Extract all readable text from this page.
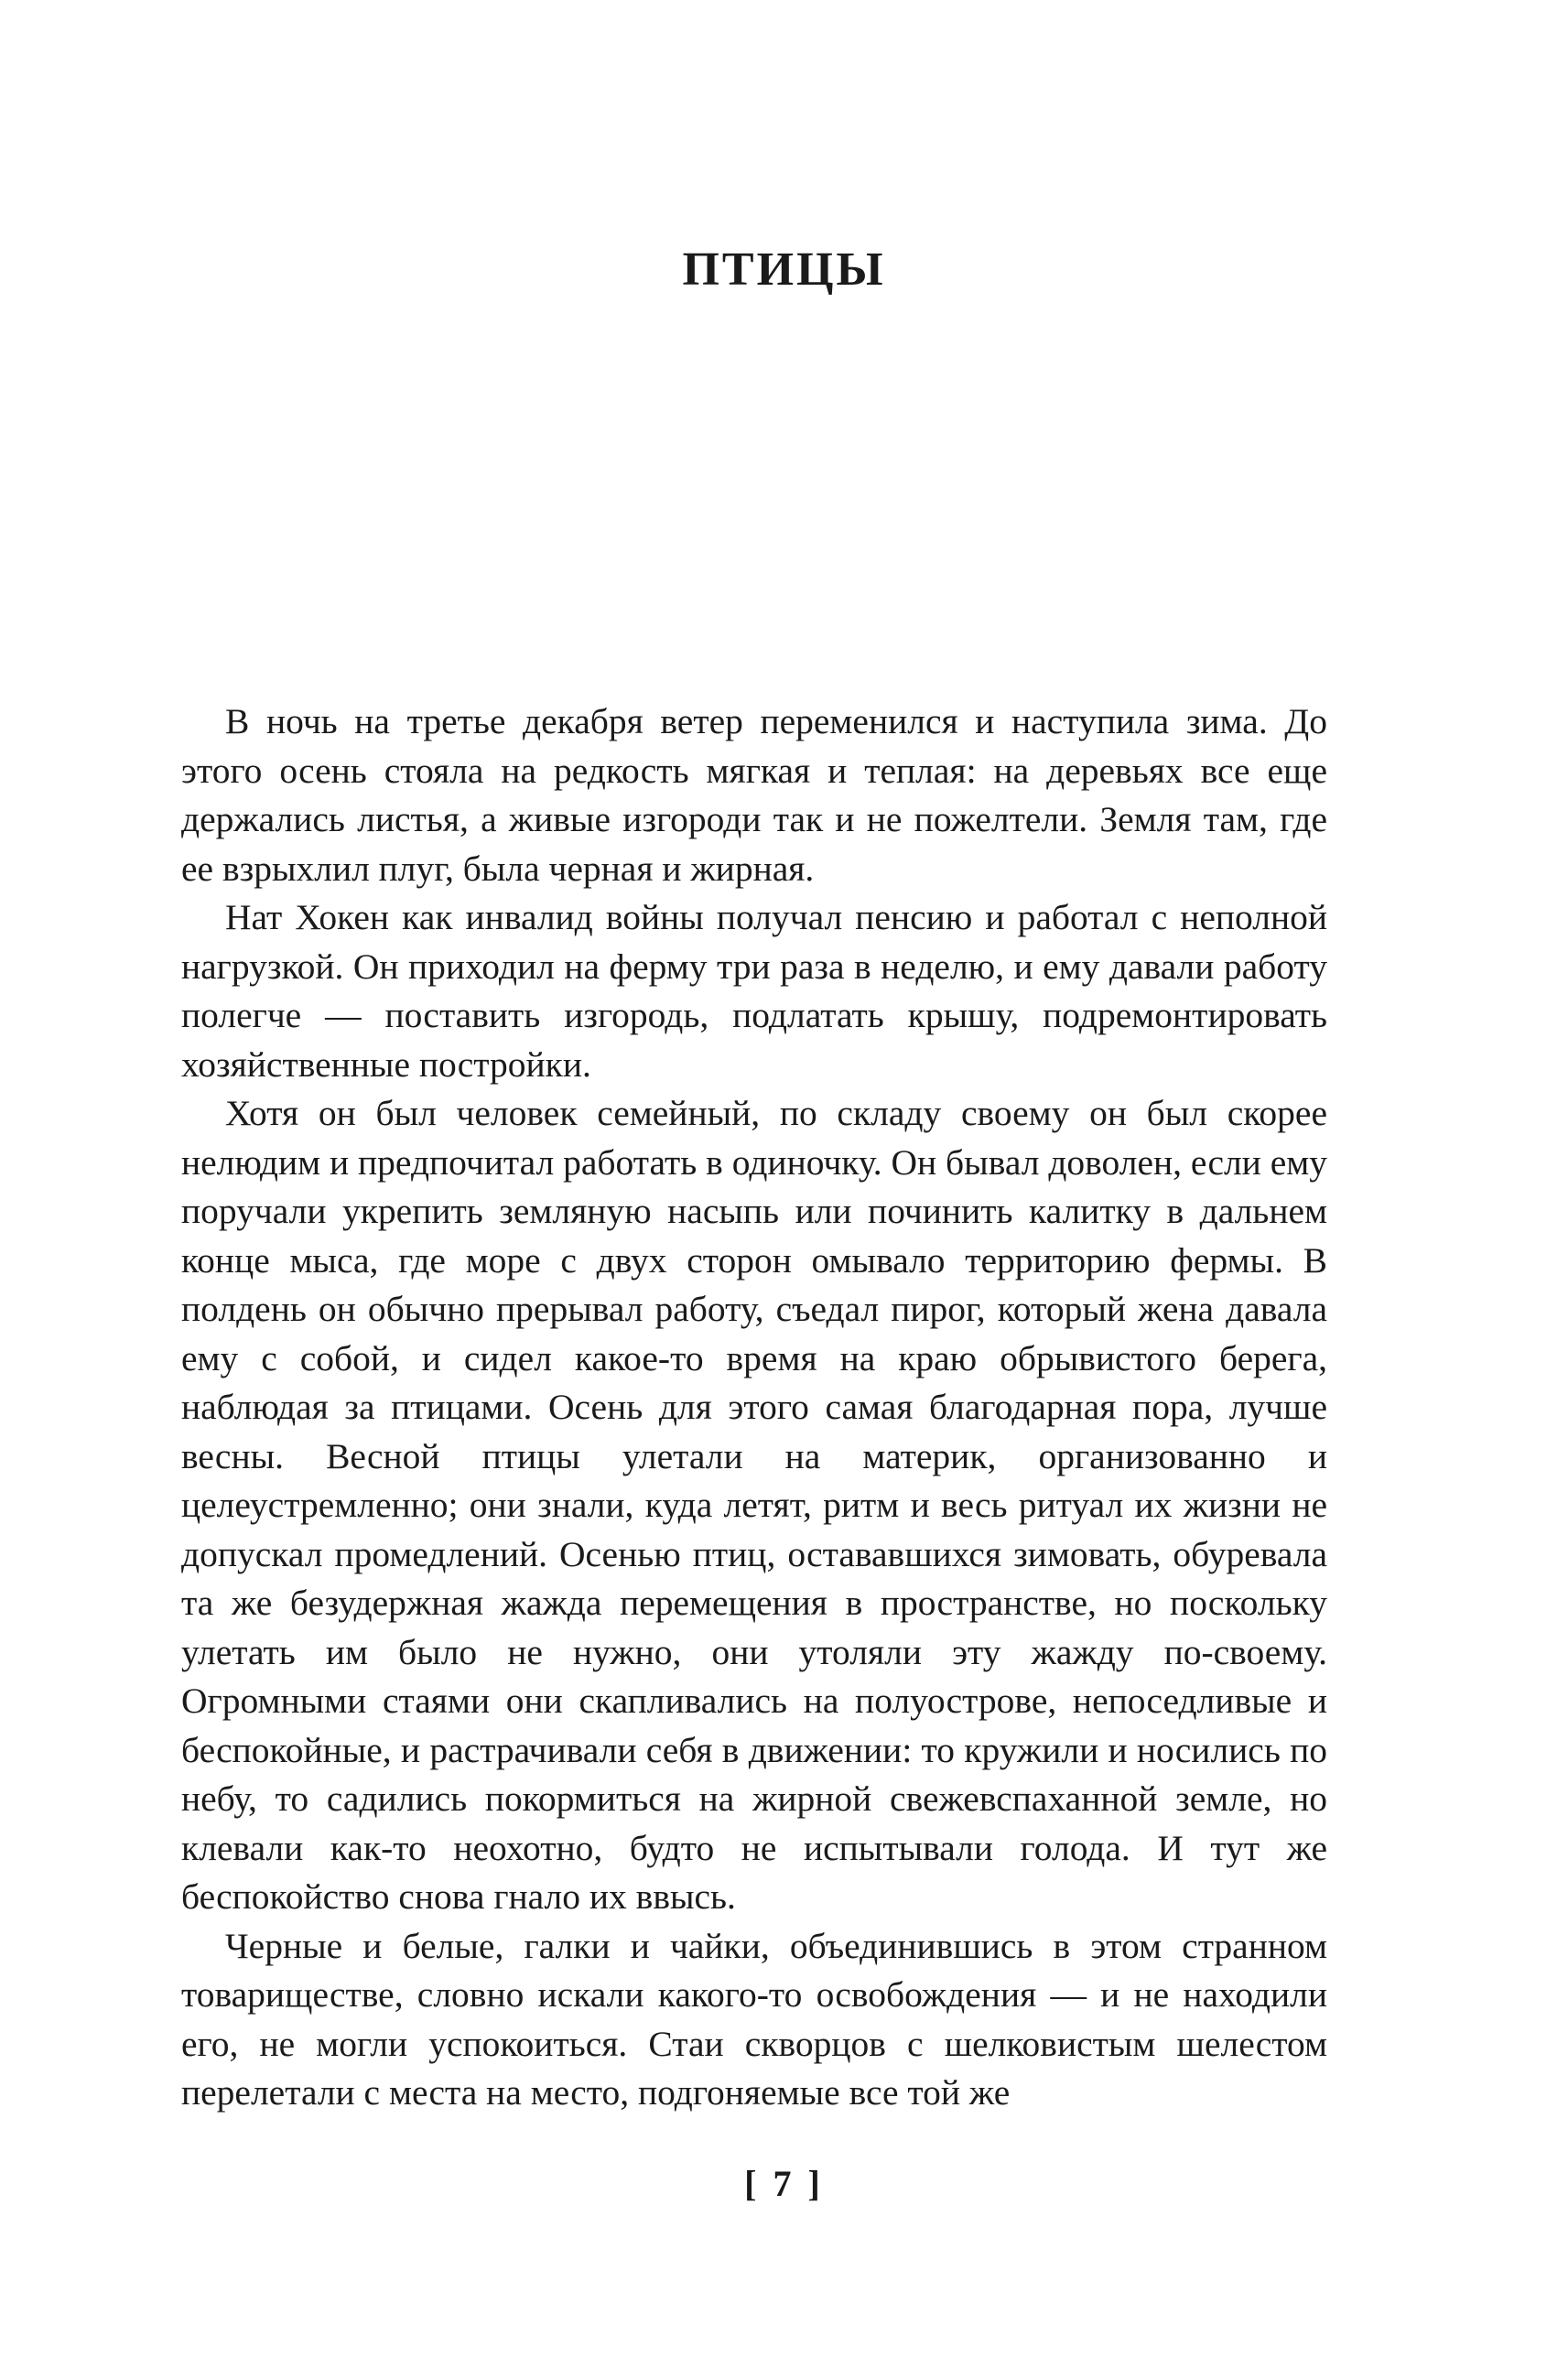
ПТИЦЫ

В ночь на третье декабря ветер переменился и наступила зима. До этого осень стояла на редкость мягкая и теплая: на деревьях все еще держались листья, а живые изгороди так и не пожелтели. Земля там, где ее взрыхлил плуг, была черная и жирная.

Нат Хокен как инвалид войны получал пенсию и работал с неполной нагрузкой. Он приходил на ферму три раза в неделю, и ему давали работу полегче — поставить изгородь, подлатать крышу, подремонтировать хозяйственные постройки.

Хотя он был человек семейный, по складу своему он был скорее нелюдим и предпочитал работать в одиночку. Он бывал доволен, если ему поручали укрепить земляную насыпь или починить калитку в дальнем конце мыса, где море с двух сторон омывало территорию фермы. В полдень он обычно прерывал работу, съедал пирог, который жена давала ему с собой, и сидел какое-то время на краю обрывистого берега, наблюдая за птицами. Осень для этого самая благодарная пора, лучше весны. Весной птицы улетали на материк, организованно и целеустремленно; они знали, куда летят, ритм и весь ритуал их жизни не допускал промедлений. Осенью птиц, остававшихся зимовать, обуревала та же безудержная жажда перемещения в пространстве, но поскольку улетать им было не нужно, они утоляли эту жажду по-своему. Огромными стаями они скапливались на полуострове, непоседливые и беспокойные, и растрачивали себя в движении: то кружили и носились по небу, то садились покормиться на жирной свежевспаханной земле, но клевали как-то неохотно, будто не испытывали голода. И тут же беспокойство снова гнало их ввысь.

Черные и белые, галки и чайки, объединившись в этом странном товариществе, словно искали какого-то освобождения — и не находили его, не могли успокоиться. Стаи скворцов с шелковистым шелестом перелетали с места на место, подгоняемые все той же

[ 7 ]
